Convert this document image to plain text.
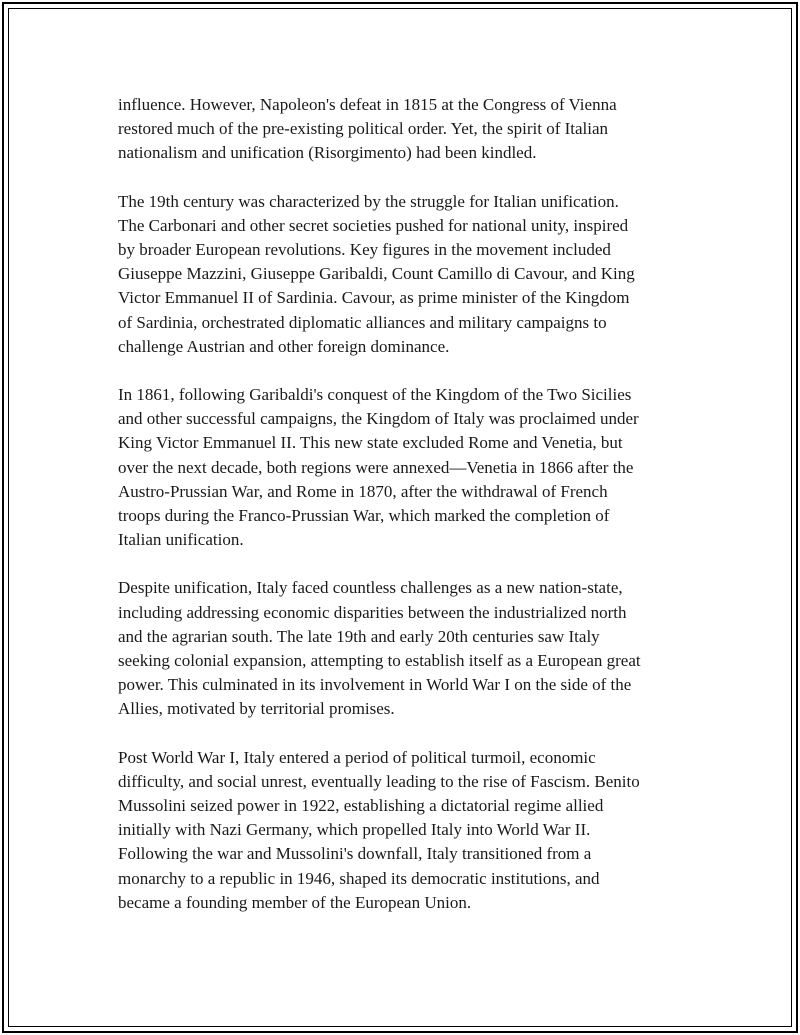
influence. However, Napoleon's defeat in 1815 at the Congress of Vienna
restored much of the pre-existing political order. Yet, the spirit of Italian
nationalism and unification (Risorgimento) had been kindled.

The 19th century was characterized by the struggle for Italian unification.
The Carbonari and other secret societies pushed for national unity, inspired
by broader European revolutions. Key figures in the movement included
Giuseppe Mazzini, Giuseppe Garibaldi, Count Camillo di Cavour, and King
Victor Emmanuel II of Sardinia. Cavour, as prime minister of the Kingdom
of Sardinia, orchestrated diplomatic alliances and military campaigns to
challenge Austrian and other foreign dominance.

In 1861, following Garibaldi's conquest of the Kingdom of the Two Sicilies
and other successful campaigns, the Kingdom of Italy was proclaimed under
King Victor Emmanuel II. This new state excluded Rome and Venetia, but
over the next decade, both regions were annexed—Venetia in 1866 after the
Austro-Prussian War, and Rome in 1870, after the withdrawal of French
troops during the Franco-Prussian War, which marked the completion of
Italian unification.

Despite unification, Italy faced countless challenges as a new nation-state,
including addressing economic disparities between the industrialized north
and the agrarian south. The late 19th and early 20th centuries saw Italy
seeking colonial expansion, attempting to establish itself as a European great
power. This culminated in its involvement in World War I on the side of the
Allies, motivated by territorial promises.

Post World War I, Italy entered a period of political turmoil, economic
difficulty, and social unrest, eventually leading to the rise of Fascism. Benito
Mussolini seized power in 1922, establishing a dictatorial regime allied
initially with Nazi Germany, which propelled Italy into World War II.
Following the war and Mussolini's downfall, Italy transitioned from a
monarchy to a republic in 1946, shaped its democratic institutions, and
became a founding member of the European Union.
